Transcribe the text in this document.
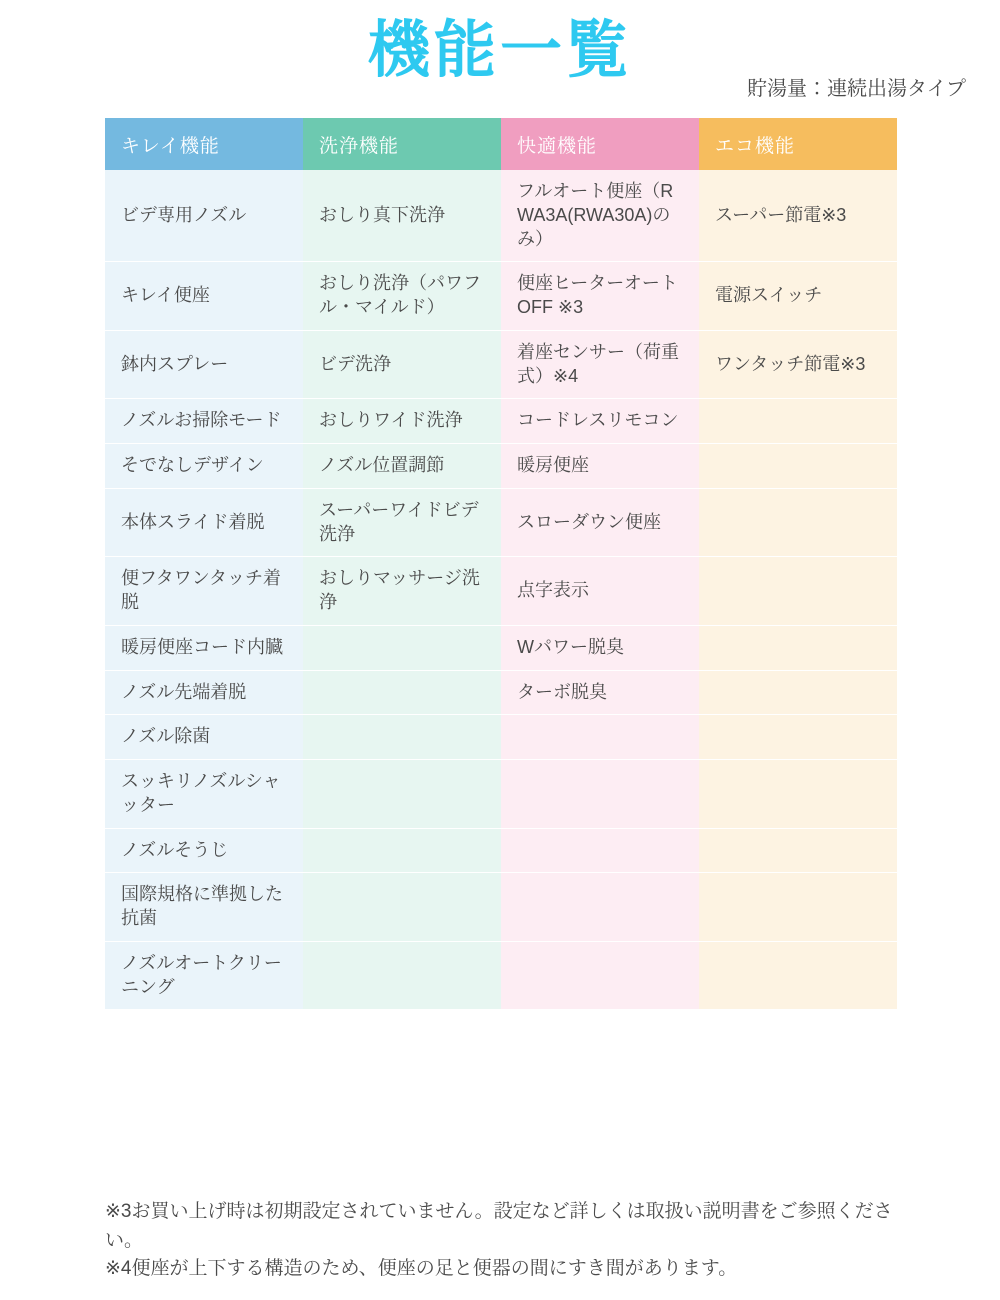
機能一覧
貯湯量：連続出湯タイプ
キレイ機能	洗浄機能	快適機能	エコ機能
ビデ専用ノズル	おしり真下洗浄	フルオート便座（RWA3A(RWA30A)のみ）	スーパー節電※3
キレイ便座	おしり洗浄（パワフル・マイルド）	便座ヒーターオートOFF ※3	電源スイッチ
鉢内スプレー	ビデ洗浄	着座センサー（荷重式）※4	ワンタッチ節電※3
ノズルお掃除モード	おしりワイド洗浄	コードレスリモコン	
そでなしデザイン	ノズル位置調節	暖房便座	
本体スライド着脱	スーパーワイドビデ洗浄	スローダウン便座	
便フタワンタッチ着脱	おしりマッサージ洗浄	点字表示	
暖房便座コード内臓		Wパワー脱臭	
ノズル先端着脱		ターボ脱臭	
ノズル除菌			
スッキリノズルシャッター			
ノズルそうじ			
国際規格に準拠した抗菌			
ノズルオートクリーニング			

※3お買い上げ時は初期設定されていません。設定など詳しくは取扱い説明書をご参照ください。

※4便座が上下する構造のため、便座の足と便器の間にすき間があります。
